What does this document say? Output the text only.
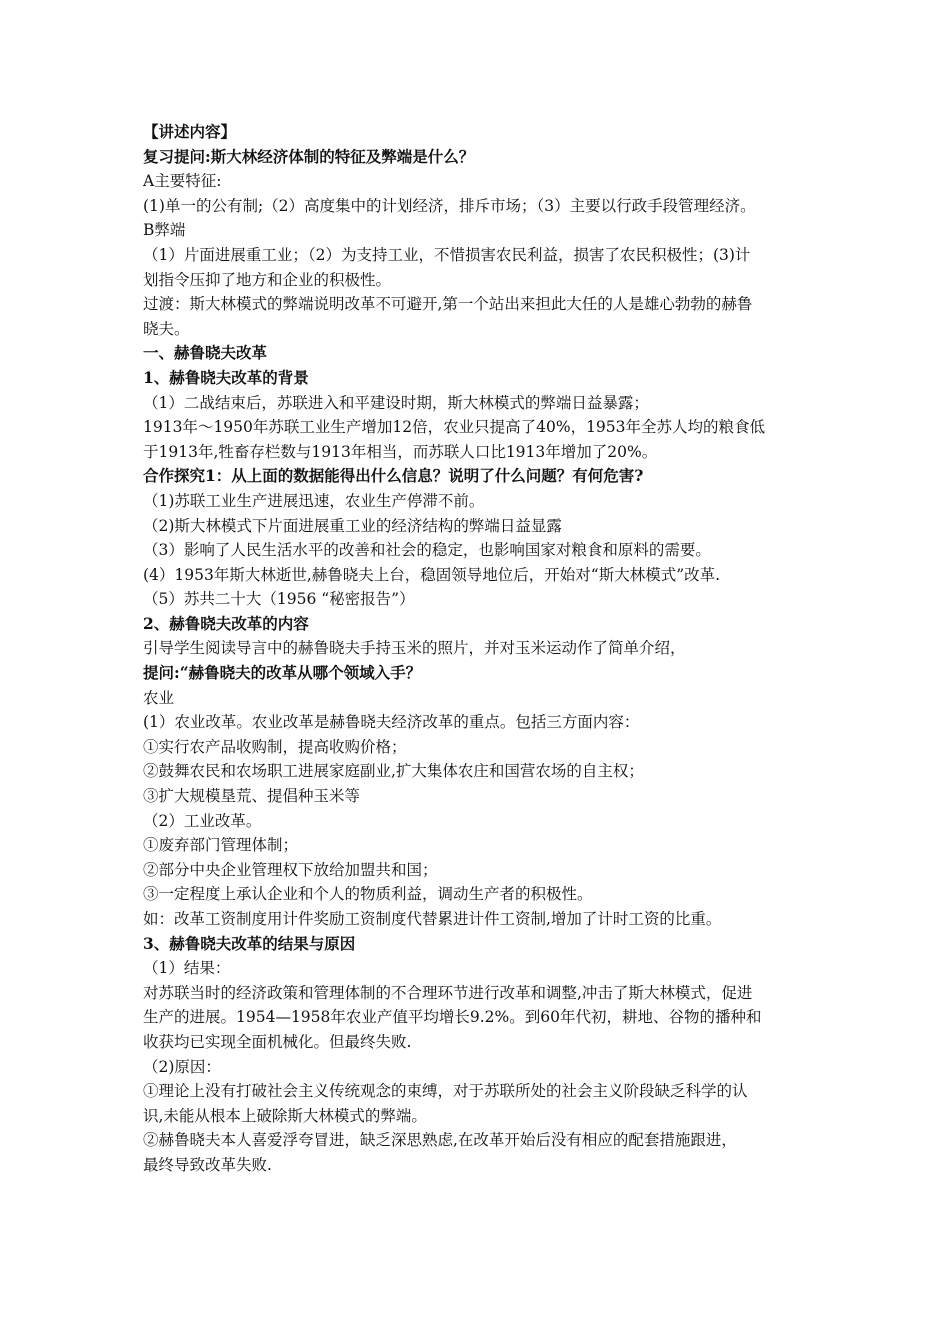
【讲述内容】
复习提问:斯大林经济体制的特征及弊端是什么？
A主要特征:
(1)单一的公有制;（2）高度集中的计划经济，排斥市场；（3）主要以行政手段管理经济。
B弊端
（1）片面进展重工业；（2）为支持工业，不惜损害农民利益，损害了农民积极性；(3)计
划指令压抑了地方和企业的积极性。
过渡：斯大林模式的弊端说明改革不可避开,第一个站出来担此大任的人是雄心勃勃的赫鲁
晓夫。
一、赫鲁晓夫改革
1、赫鲁晓夫改革的背景
（1）二战结束后，苏联进入和平建设时期，斯大林模式的弊端日益暴露；
1913年～1950年苏联工业生产增加12倍，农业只提高了40%，1953年全苏人均的粮食低
于1913年,牲畜存栏数与1913年相当，而苏联人口比1913年增加了20%。
合作探究1：从上面的数据能得出什么信息？说明了什么问题？有何危害?
（1)苏联工业生产进展迅速，农业生产停滞不前。
（2)斯大林模式下片面进展重工业的经济结构的弊端日益显露
（3）影响了人民生活水平的改善和社会的稳定，也影响国家对粮食和原料的需要。
(4）1953年斯大林逝世,赫鲁晓夫上台，稳固领导地位后，开始对“斯大林模式”改革.
（5）苏共二十大（1956 “秘密报告”）
2、赫鲁晓夫改革的内容
引导学生阅读导言中的赫鲁晓夫手持玉米的照片，并对玉米运动作了简单介绍，
提问:“赫鲁晓夫的改革从哪个领域入手？
农业
(1）农业改革。农业改革是赫鲁晓夫经济改革的重点。包括三方面内容：
①实行农产品收购制，提高收购价格；
②鼓舞农民和农场职工进展家庭副业,扩大集体农庄和国营农场的自主权；
③扩大规模垦荒、提倡种玉米等
（2）工业改革。
①废弃部门管理体制；
②部分中央企业管理权下放给加盟共和国；
③一定程度上承认企业和个人的物质利益，调动生产者的积极性。
如：改革工资制度用计件奖励工资制度代替累进计件工资制,增加了计时工资的比重。
3、赫鲁晓夫改革的结果与原因
（1）结果：
对苏联当时的经济政策和管理体制的不合理环节进行改革和调整,冲击了斯大林模式，促进
生产的进展。1954—1958年农业产值平均增长9.2%。到60年代初，耕地、谷物的播种和
收获均已实现全面机械化。但最终失败.
（2)原因：
①理论上没有打破社会主义传统观念的束缚，对于苏联所处的社会主义阶段缺乏科学的认
识,未能从根本上破除斯大林模式的弊端。
②赫鲁晓夫本人喜爱浮夸冒进，缺乏深思熟虑,在改革开始后没有相应的配套措施跟进，
最终导致改革失败.
